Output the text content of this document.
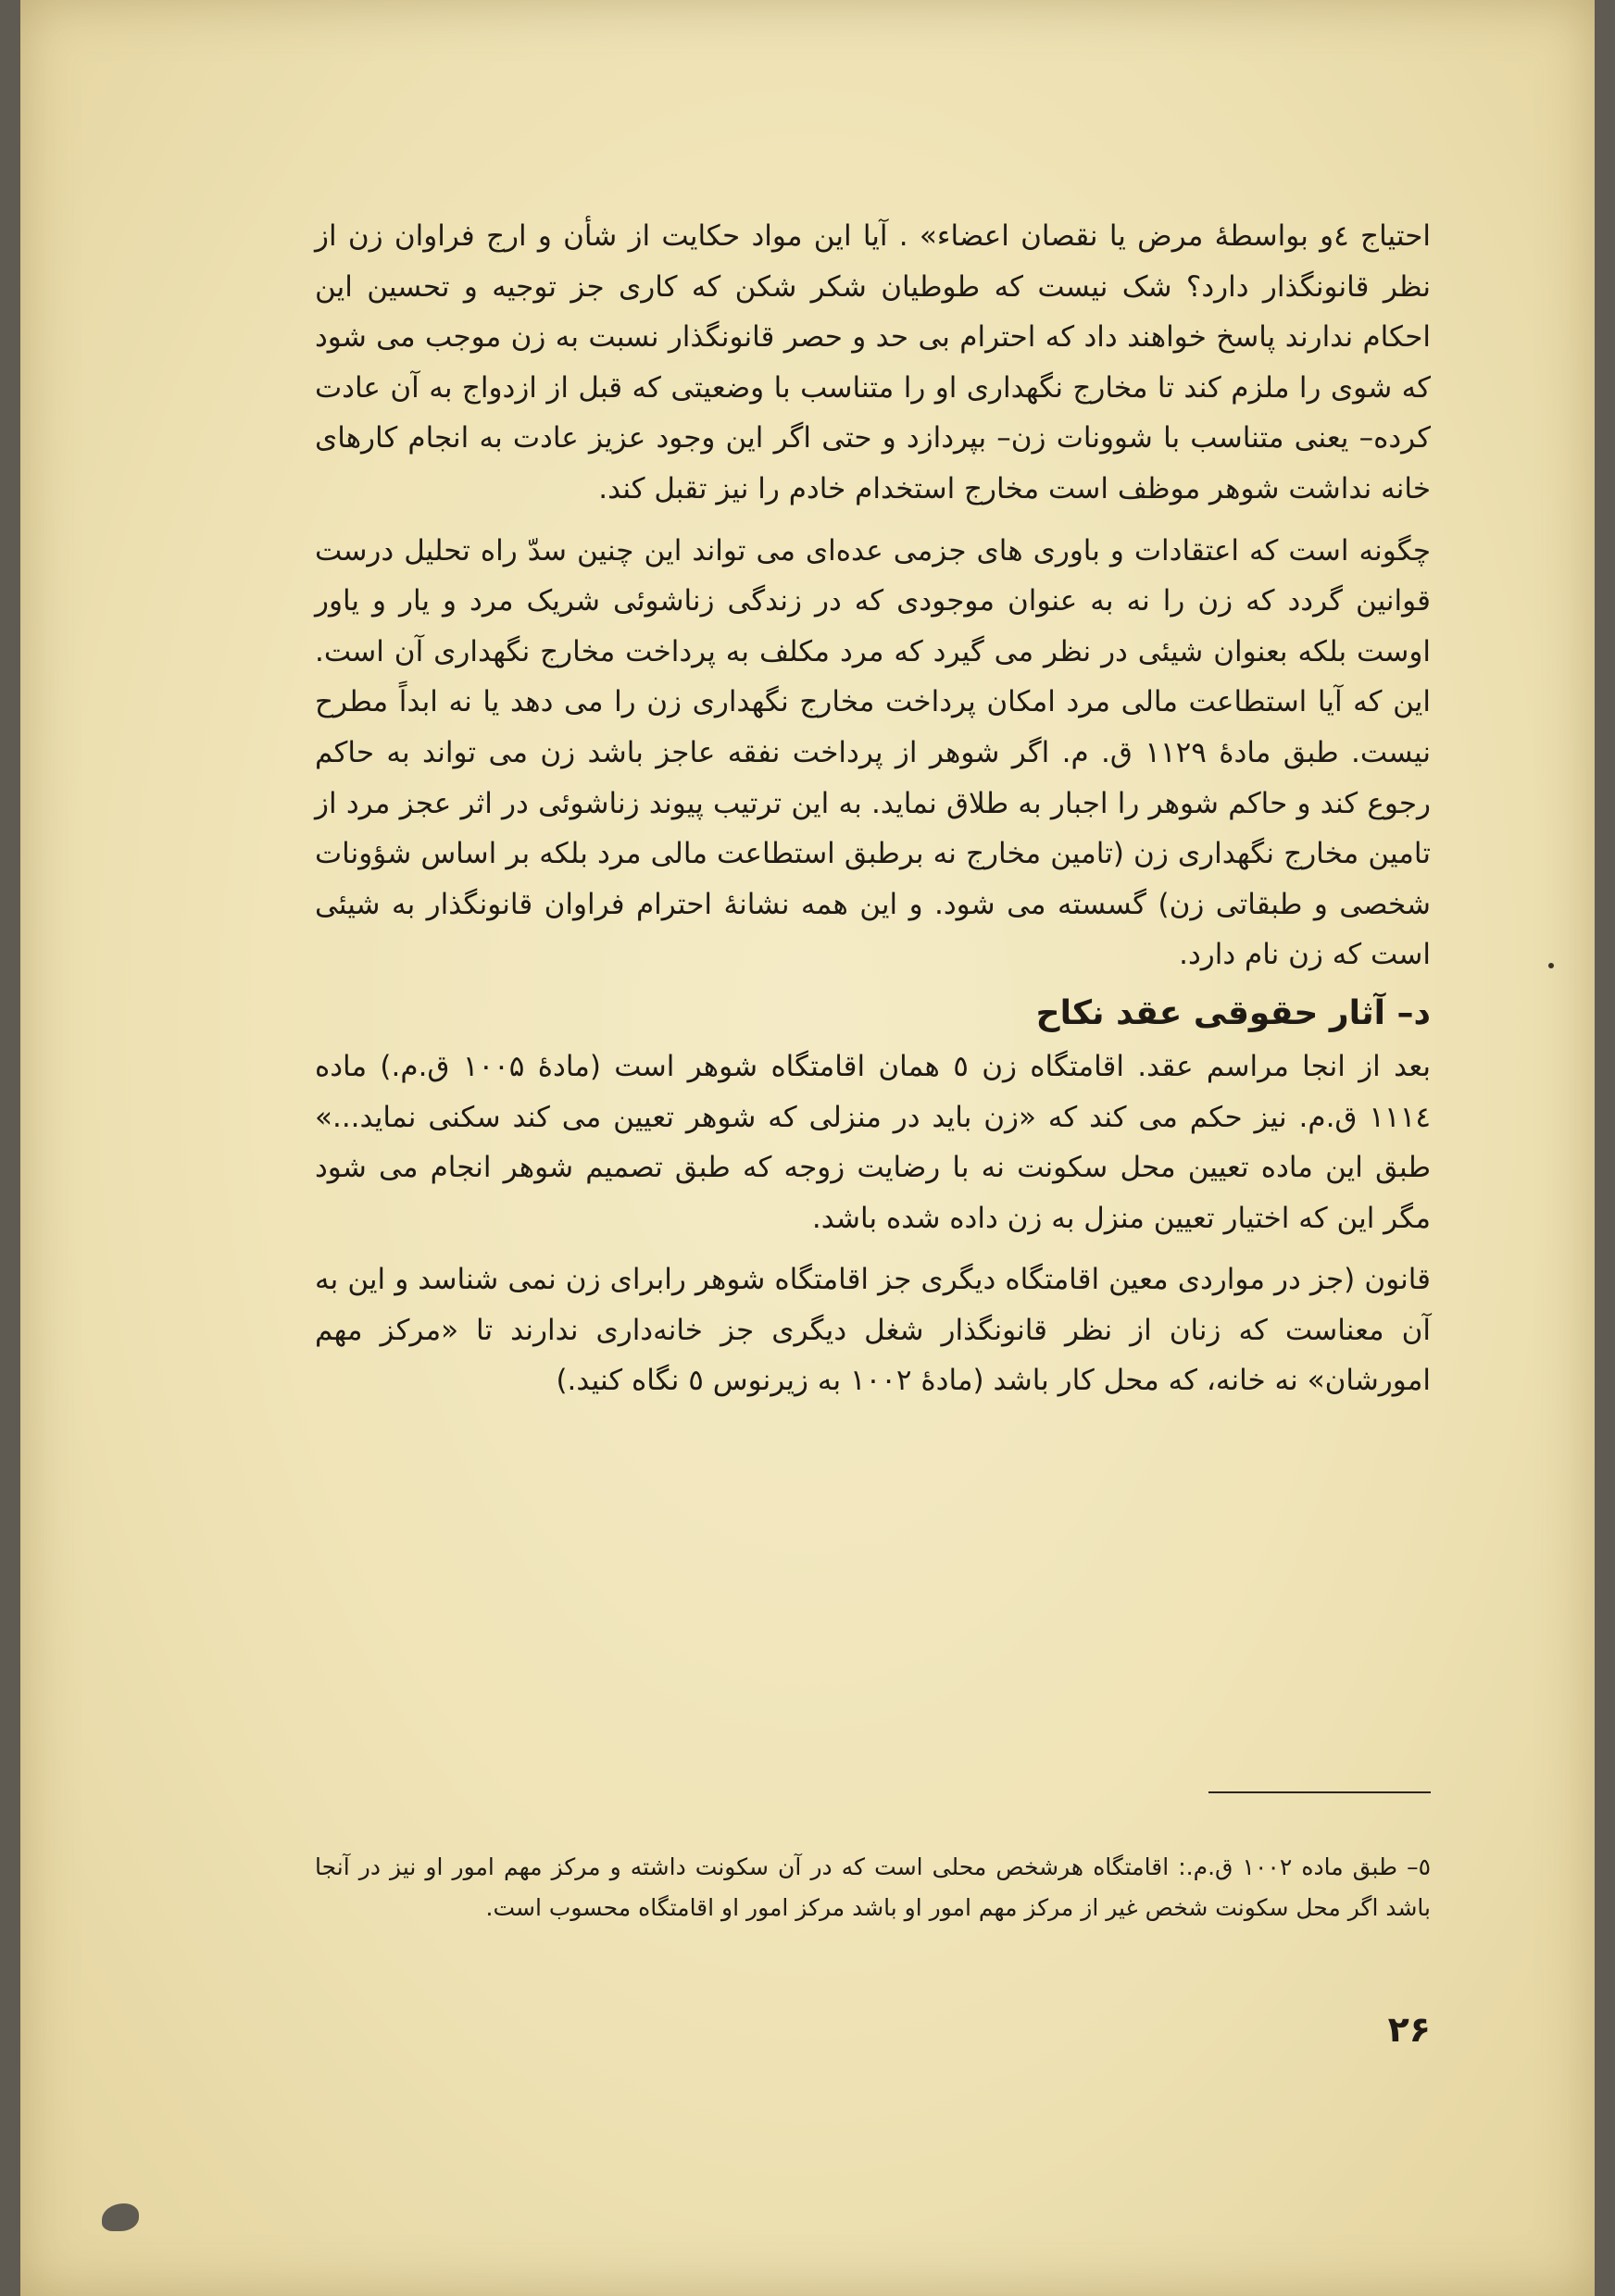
احتیاج ٤و بواسطهٔ مرض یا نقصان اعضاء» . آیا این مواد حکایت از شأن و ارج فراوان زن از نظر قانونگذار دارد؟ شک نیست که طوطیان شکر شکن که کاری جز توجیه و تحسین این احکام ندارند پاسخ خواهند داد که احترام بی حد و حصر قانونگذار نسبت به زن موجب می شود که شوی را ملزم کند تا مخارج نگهداری او را متناسب با وضعیتی که قبل از ازدواج به آن عادت کرده– یعنی متناسب با شوونات زن– بپردازد و حتی اگر این وجود عزیز عادت به انجام کارهای خانه نداشت شوهر موظف است مخارج استخدام خادم را نیز تقبل کند.

چگونه است که اعتقادات و باوری های جزمی عده‌ای می تواند این چنین سدّ راه تحلیل درست قوانین گردد که زن را نه به عنوان موجودی که در زندگی زناشوئی شریک مرد و یار و یاور اوست بلکه بعنوان شیئی در نظر می گیرد که مرد مکلف به پرداخت مخارج نگهداری آن است. این که آیا استطاعت مالی مرد امکان پرداخت مخارج نگهداری زن را می دهد یا نه ابداً مطرح نیست. طبق مادهٔ ۱۱۲۹ ق. م. اگر شوهر از پرداخت نفقه عاجز باشد زن می تواند به حاکم رجوع کند و حاکم شوهر را اجبار به طلاق نماید. به این ترتیب پیوند زناشوئی در اثر عجز مرد از تامین مخارج نگهداری زن (تامین مخارج نه برطبق استطاعت مالی مرد بلکه بر اساس شؤونات شخصی و طبقاتی زن) گسسته می شود. و این همه نشانهٔ احترام فراوان قانونگذار به شیئی است که زن نام دارد.

د– آثار حقوقی عقد نکاح

بعد از انجا مراسم عقد. اقامتگاه زن ٥ همان اقامتگاه شوهر است (مادهٔ ۱۰۰۵ ق.م.) ماده ۱۱۱٤ ق.م. نیز حکم می کند که «زن باید در منزلی که شوهر تعیین می کند سکنی نماید...» طبق این ماده تعیین محل سکونت نه با رضایت زوجه که طبق تصمیم شوهر انجام می شود مگر این که اختیار تعیین منزل به زن داده شده باشد.

قانون (جز در مواردی معین اقامتگاه دیگری جز اقامتگاه شوهر رابرای زن نمی شناسد و این به آن معناست که زنان از نظر قانونگذار شغل دیگری جز خانه‌داری ندارند تا «مرکز مهم امورشان» نه خانه، که محل کار باشد (مادهٔ ۱۰۰۲ به زیرنوس ٥ نگاه کنید.)

٥– طبق ماده ۱۰۰۲ ق.م.: اقامتگاه هرشخص محلی است که در آن سکونت داشته و مرکز مهم امور او نیز در آنجا باشد اگر محل سکونت شخص غیر از مرکز مهم امور او باشد مرکز امور او اقامتگاه محسوب است.

۲۶
